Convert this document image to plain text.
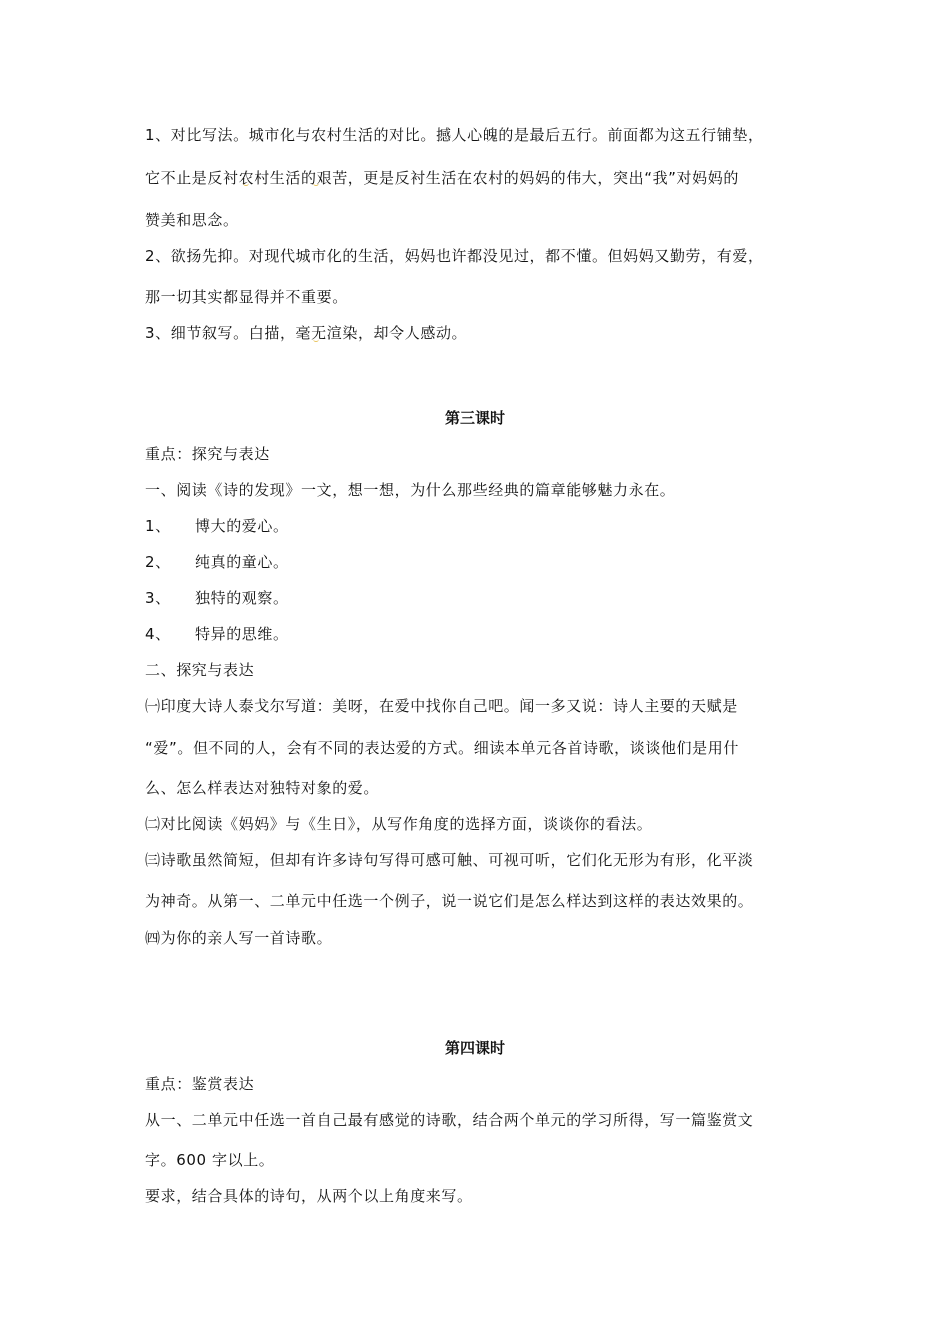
1、对比写法。城市化与农村生活的对比。撼人心魄的是最后五行。前面都为这五行铺垫，
它不止是反衬农村生活的艰苦，更是反衬生活在农村的妈妈的伟大，突出“我”对妈妈的
赞美和思念。
2、欲扬先抑。对现代城市化的生活，妈妈也许都没见过，都不懂。但妈妈又勤劳，有爱，
那一切其实都显得并不重要。
3、细节叙写。白描，毫无渲染，却令人感动。
第三课时
重点：探究与表达
一、阅读《诗的发现》一文，想一想，为什么那些经典的篇章能够魅力永在。
1、 博大的爱心。
2、 纯真的童心。
3、 独特的观察。
4、 特异的思维。
二、探究与表达
㈠印度大诗人泰戈尔写道：美呀，在爱中找你自己吧。闻一多又说：诗人主要的天赋是
“爱”。但不同的人，会有不同的表达爱的方式。细读本单元各首诗歌，谈谈他们是用什
么、怎么样表达对独特对象的爱。
㈡对比阅读《妈妈》与《生日》，从写作角度的选择方面，谈谈你的看法。
㈢诗歌虽然简短，但却有许多诗句写得可感可触、可视可听，它们化无形为有形，化平淡
为神奇。从第一、二单元中任选一个例子，说一说它们是怎么样达到这样的表达效果的。
㈣为你的亲人写一首诗歌。
第四课时
重点：鉴赏表达
从一、二单元中任选一首自己最有感觉的诗歌，结合两个单元的学习所得，写一篇鉴赏文
字。600 字以上。
要求，结合具体的诗句，从两个以上角度来写。
